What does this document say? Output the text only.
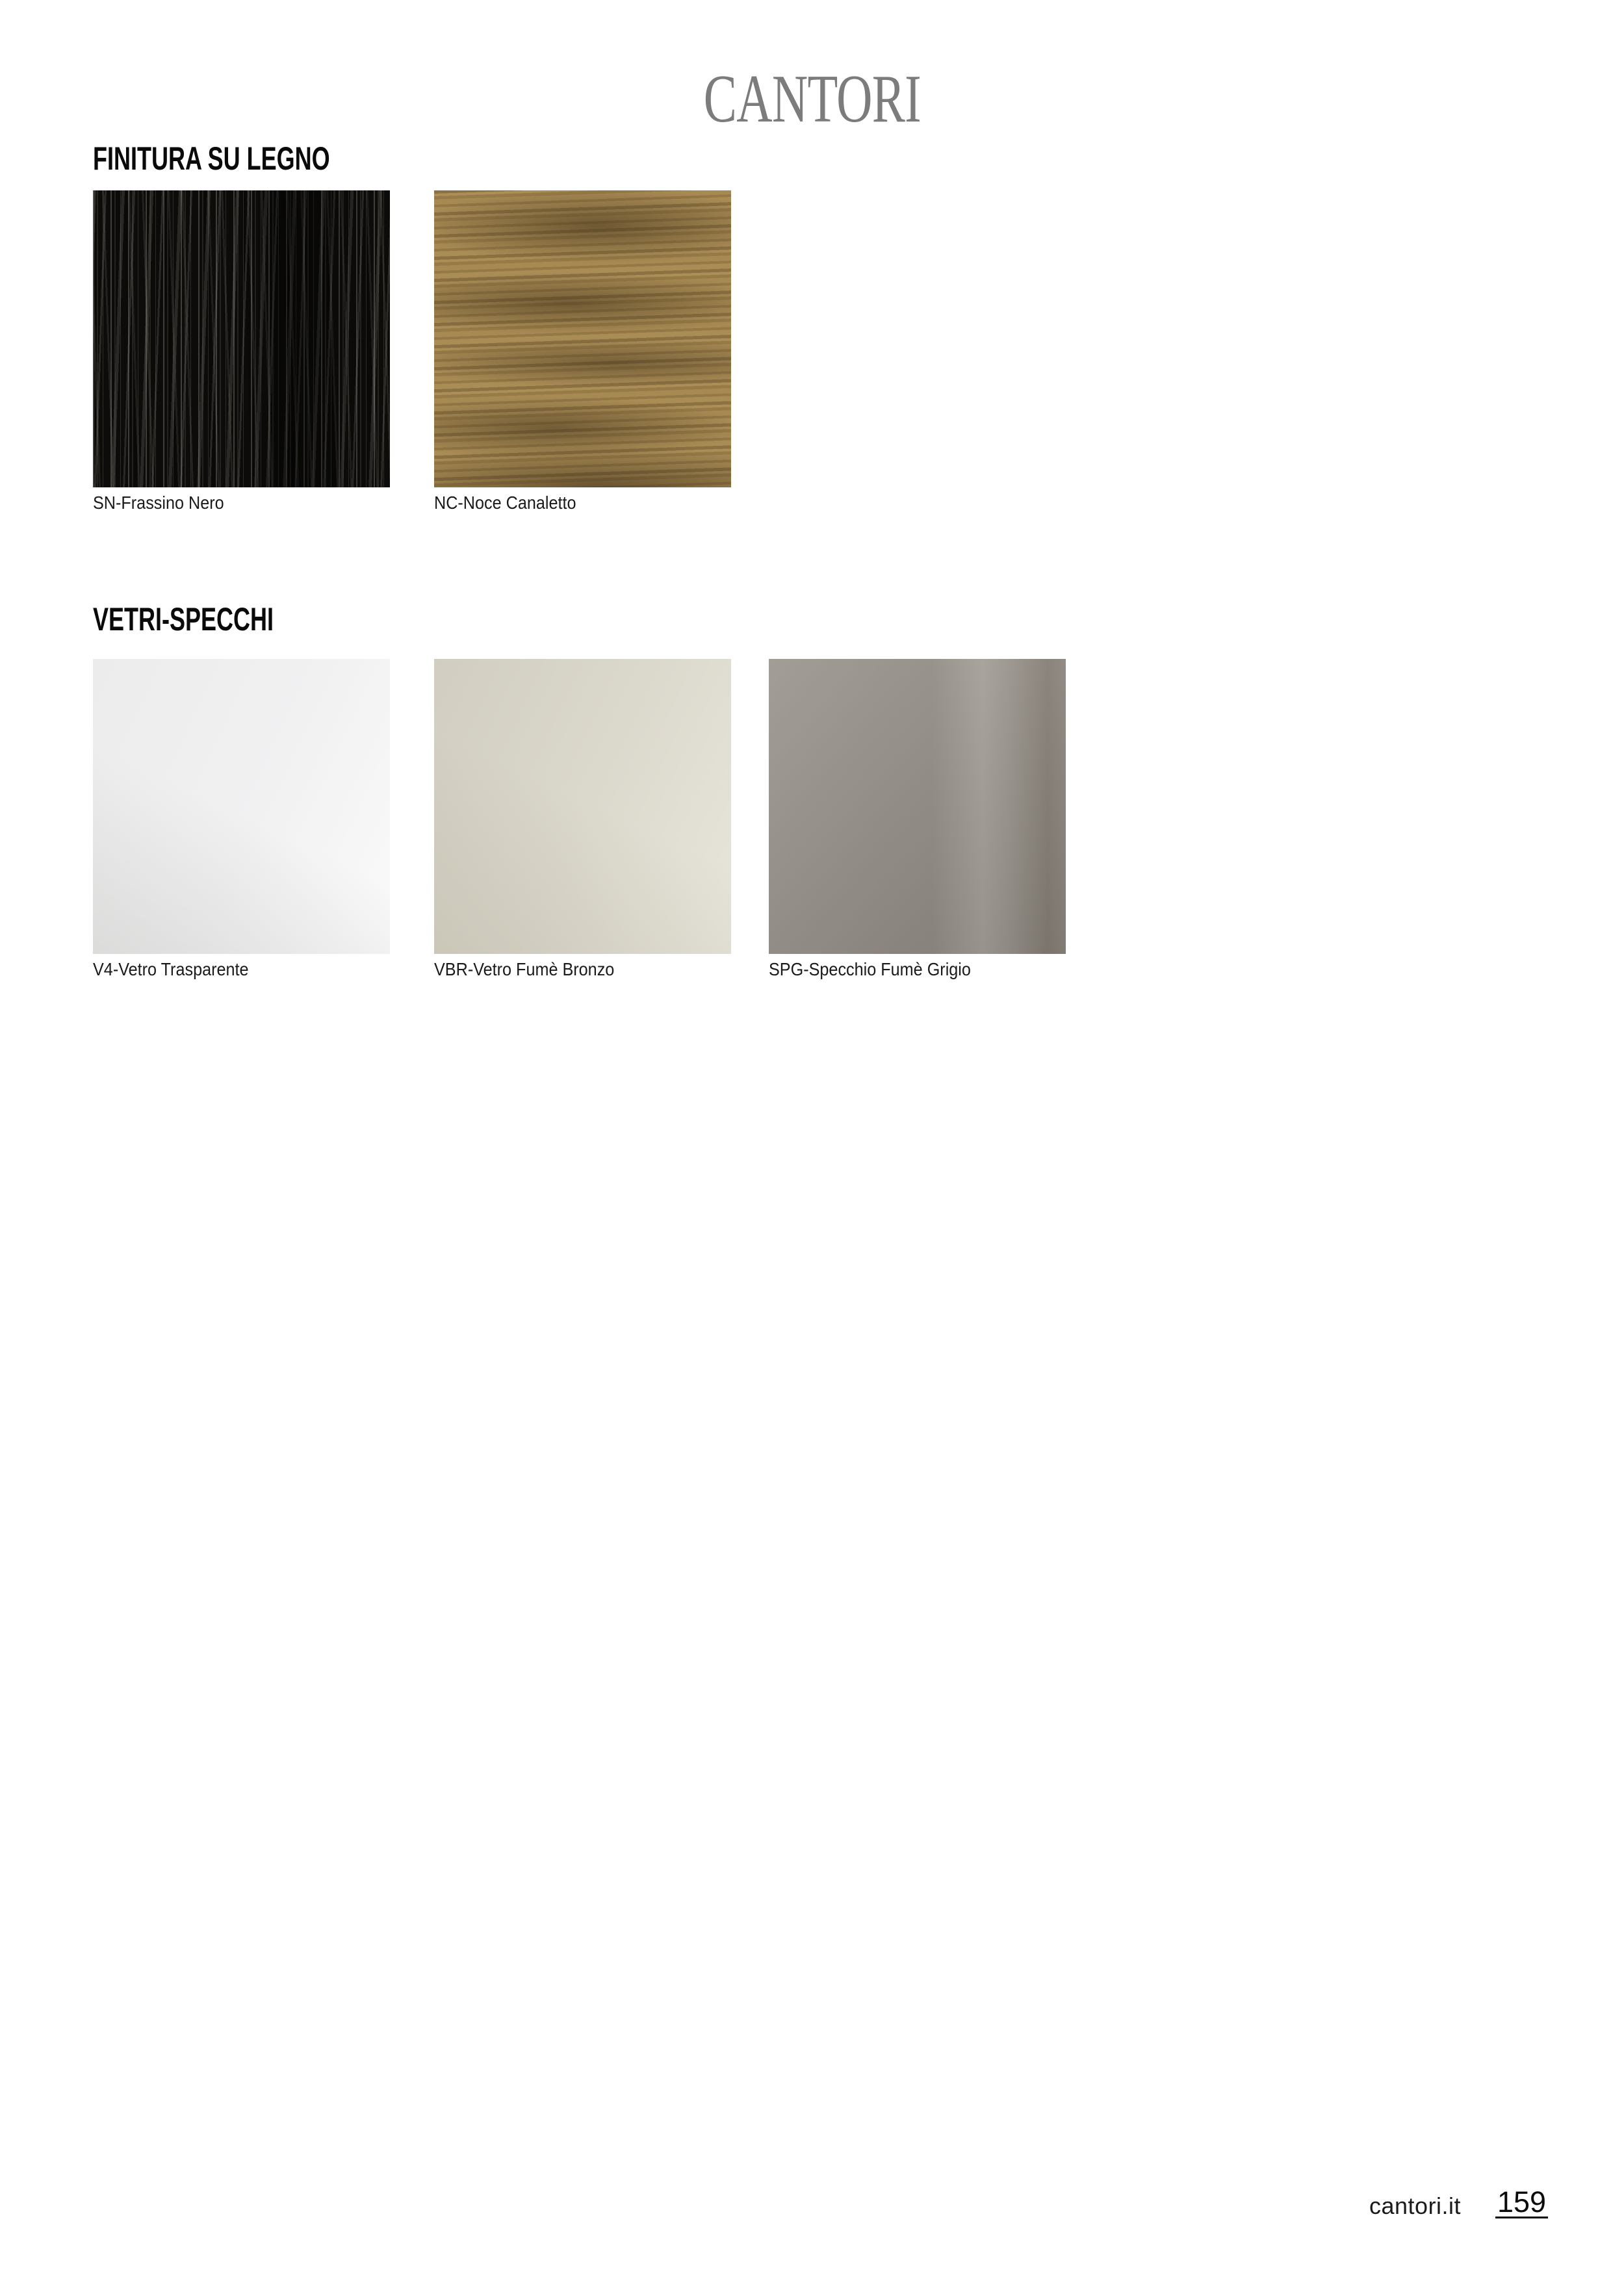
CANTORI
FINITURA SU LEGNO
SN-Frassino Nero	NC-Noce Canaletto
VETRI-SPECCHI
V4-Vetro Trasparente	VBR-Vetro Fumè Bronzo	SPG-Specchio Fumè Grigio
cantori.it 159
